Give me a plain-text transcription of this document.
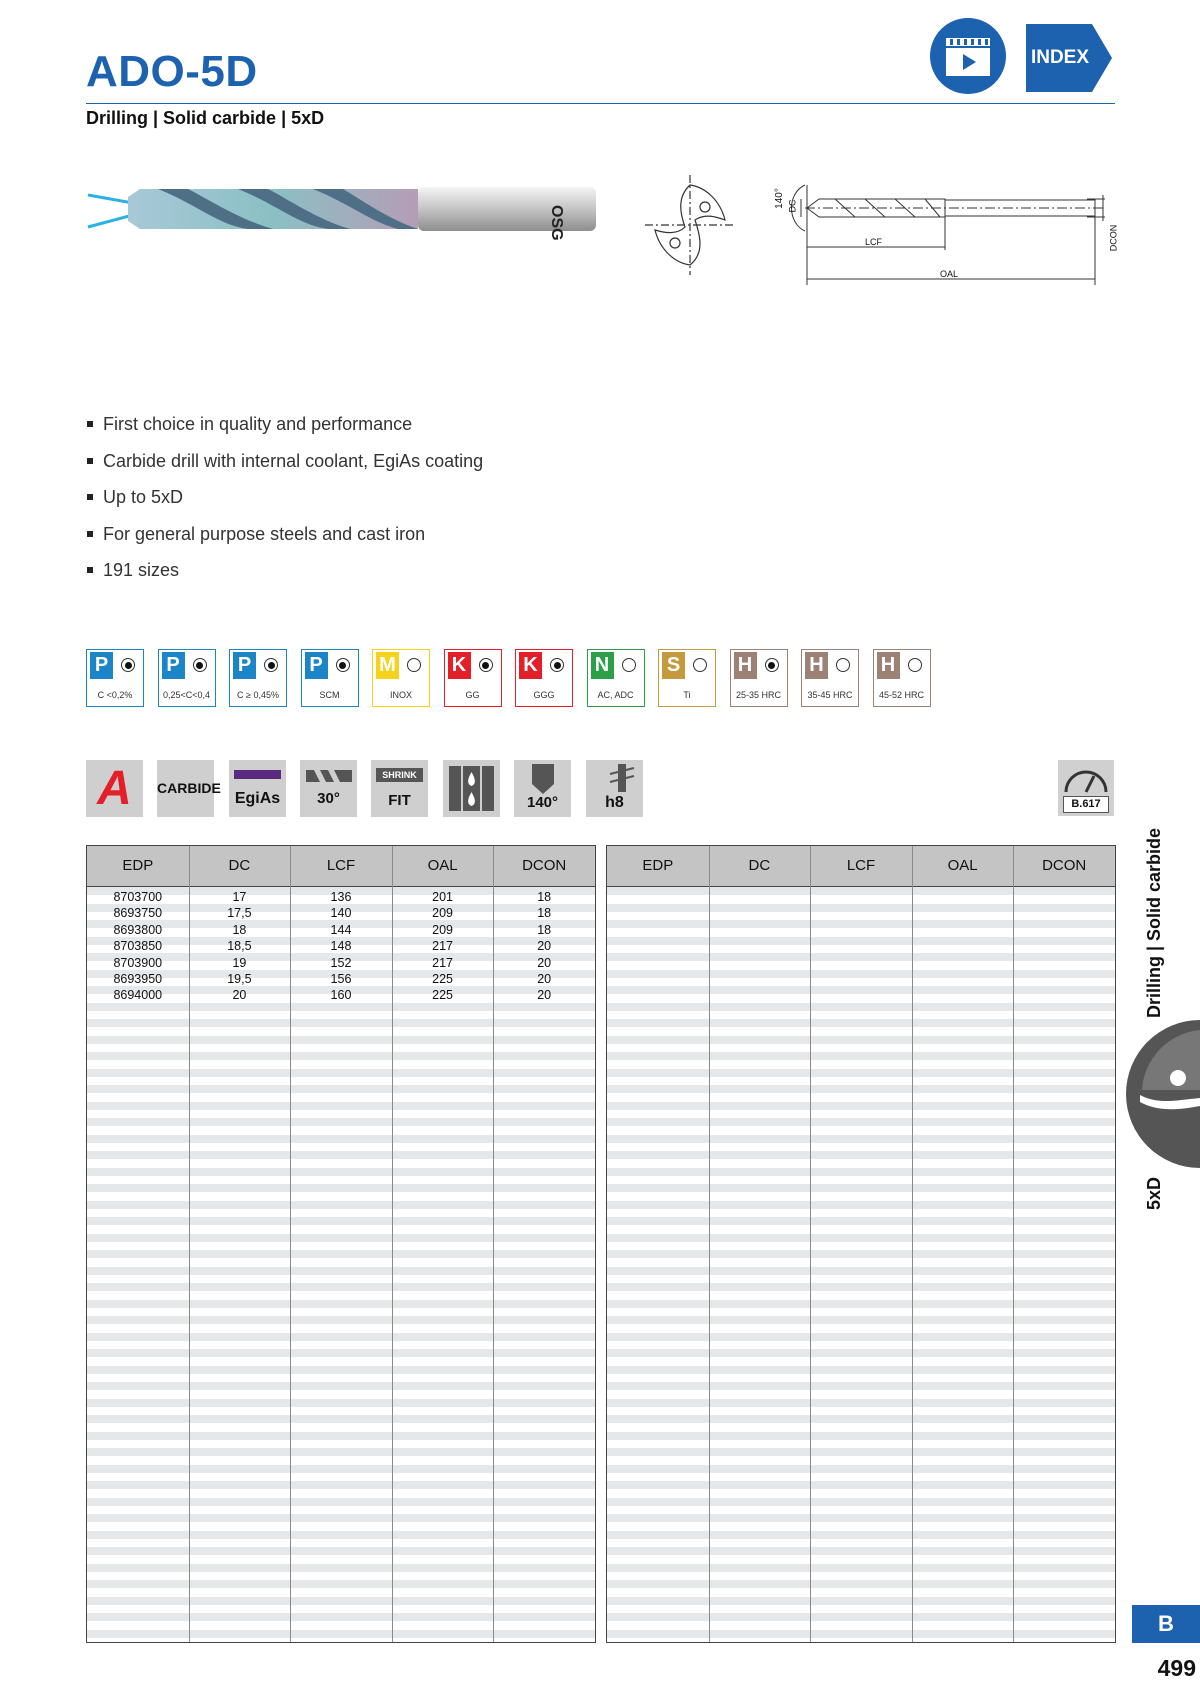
ADO-5D
Drilling | Solid carbide | 5xD
INDEX
OSG
140° DC
LCF
OAL
DCON
First choice in quality and performance
Carbide drill with internal coolant, EgiAs coating
Up to 5xD
For general purpose steels and cast iron
191 sizes
P
C <0,2%
P
0,25<C<0,4
P
C ≥ 0,45%
P
SCM
M
INOX
K
GG
K
GGG
N
AC, ADC
S
Ti
H
25-35 HRC
H
35-45 HRC
H
45-52 HRC
A	CARBIDE
EgiAs	30°
SHRINK
FIT	140°	h8	B.617
EDP	DC	LCF	OAL	DCON
8703700	17	136	201	18
8693750	17,5	140	209	18
8693800	18	144	209	18
8703850	18,5	148	217	20
8703900	19	152	217	20
8693950	19,5	156	225	20
8694000	20	160	225	20
EDP	DC	LCF	OAL	DCON	Drilling | Solid carbide
5xD
B
499
